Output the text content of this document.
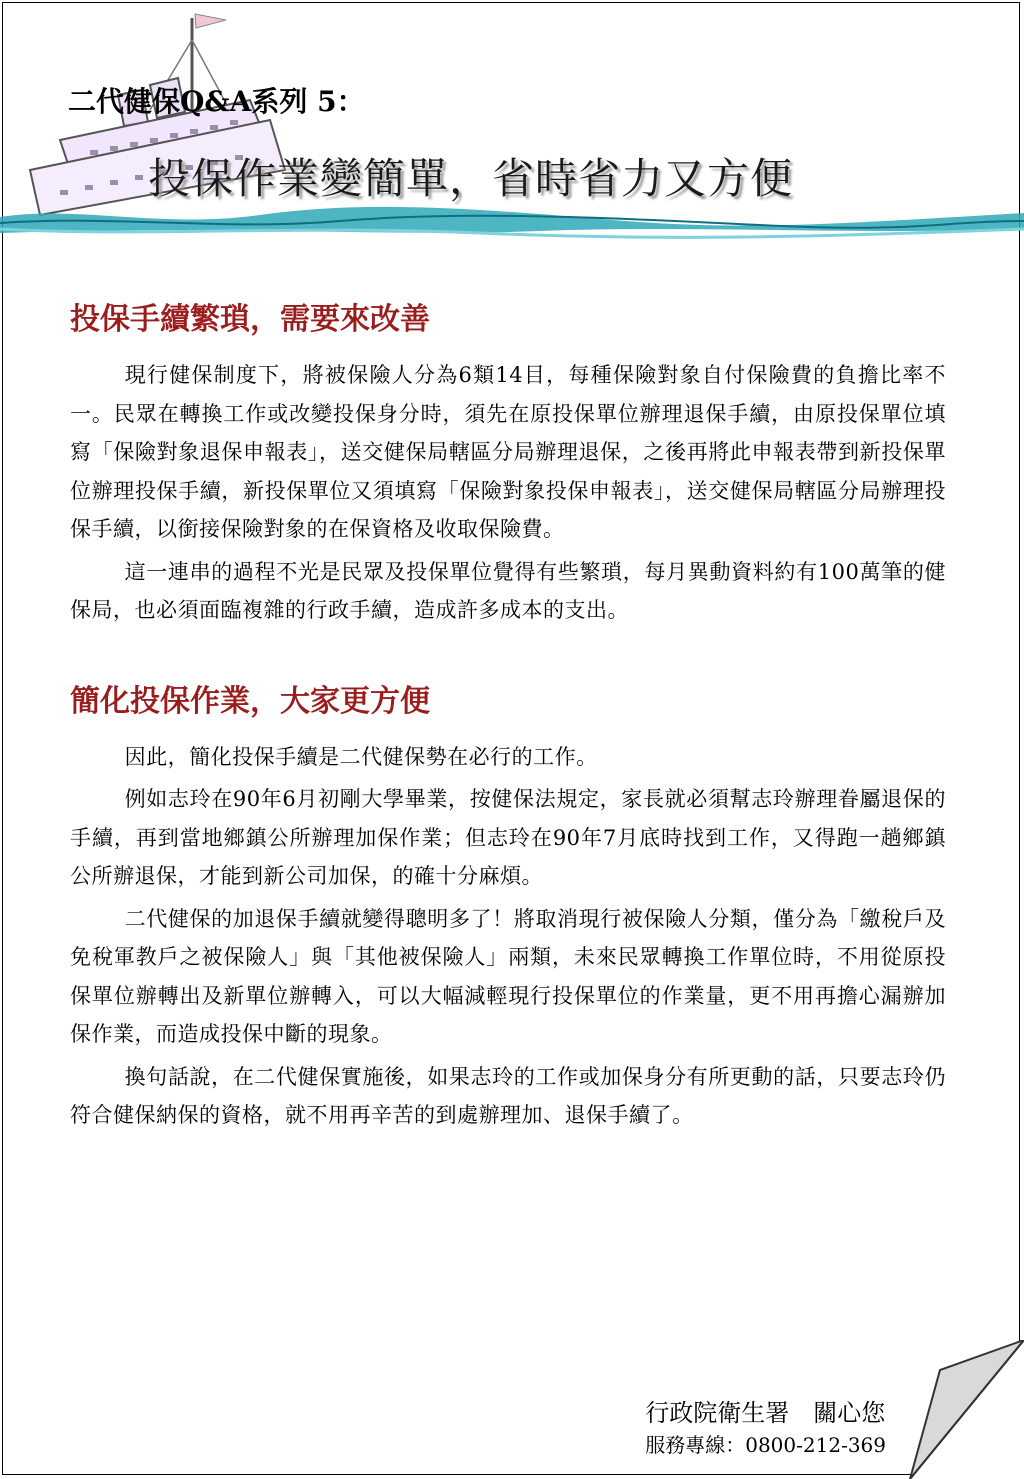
二代健保Q&A系列 5：
投保作業變簡單，省時省力又方便
投保手續繁瑣，需要來改善

現行健保制度下，將被保險人分為6類14目，每種保險對象自付保險費的負擔比率不一。民眾在轉換工作或改變投保身分時，須先在原投保單位辦理退保手續，由原投保單位填寫「保險對象退保申報表」，送交健保局轄區分局辦理退保，之後再將此申報表帶到新投保單位辦理投保手續，新投保單位又須填寫「保險對象投保申報表」，送交健保局轄區分局辦理投保手續，以銜接保險對象的在保資格及收取保險費。

這一連串的過程不光是民眾及投保單位覺得有些繁瑣，每月異動資料約有100萬筆的健保局，也必須面臨複雜的行政手續，造成許多成本的支出。

簡化投保作業，大家更方便

因此，簡化投保手續是二代健保勢在必行的工作。

例如志玲在90年6月初剛大學畢業，按健保法規定，家長就必須幫志玲辦理眷屬退保的手續，再到當地鄉鎮公所辦理加保作業；但志玲在90年7月底時找到工作，又得跑一趟鄉鎮公所辦退保，才能到新公司加保，的確十分麻煩。

二代健保的加退保手續就變得聰明多了！將取消現行被保險人分類，僅分為「繳稅戶及免稅軍教戶之被保險人」與「其他被保險人」兩類，未來民眾轉換工作單位時，不用從原投保單位辦轉出及新單位辦轉入，可以大幅減輕現行投保單位的作業量，更不用再擔心漏辦加保作業，而造成投保中斷的現象。

換句話說，在二代健保實施後，如果志玲的工作或加保身分有所更動的話，只要志玲仍符合健保納保的資格，就不用再辛苦的到處辦理加、退保手續了。

行政院衛生署　關心您
服務專線：0800-212-369
